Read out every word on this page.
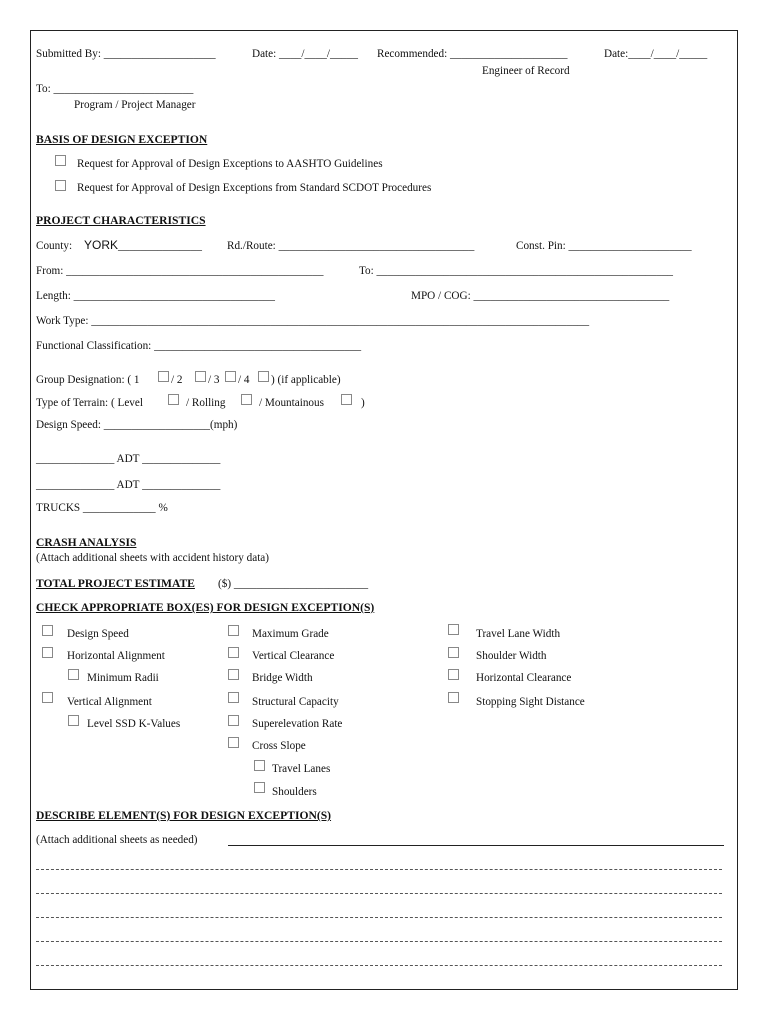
Submitted By: ____________________	Date: ____/____/_____ Recommended: _____________________	Date:____/____/_____
Engineer of Record
To: _________________________
Program / Project Manager
BASIS OF DESIGN EXCEPTION
Request for Approval of Design Exceptions to AASHTO Guidelines
Request for Approval of Design Exceptions from Standard SCDOT Procedures
PROJECT CHARACTERISTICS
County: YORK _______________ Rd./Route: ___________________________________	Const. Pin: ______________________
From: ______________________________________________	To: _____________________________________________________
Length: ____________________________________	MPO / COG: ___________________________________
Work Type: _________________________________________________________________________________________
Functional Classification: _____________________________________
Group Designation: ( 1	/ 2 / 3 / 4 ) (if applicable)
Type of Terrain: ( Level	/ Rolling	/ Mountainous	)
Design Speed: ___________________(mph)
______________ ADT ______________
______________ ADT ______________
TRUCKS _____________ %
CRASH ANALYSIS
(Attach additional sheets with accident history data)
TOTAL PROJECT ESTIMATE ($) ________________________
CHECK APPROPRIATE BOX(ES) FOR DESIGN EXCEPTION(S)
Design Speed
Horizontal Alignment
Minimum Radii
Vertical Alignment
Level SSD K-Values
Maximum Grade
Vertical Clearance
Bridge Width
Structural Capacity
Superelevation Rate
Cross Slope
Travel Lanes
Shoulders
Travel Lane Width
Shoulder Width
Horizontal Clearance
Stopping Sight Distance
DESCRIBE ELEMENT(S) FOR DESIGN EXCEPTION(S)
(Attach additional sheets as needed)
